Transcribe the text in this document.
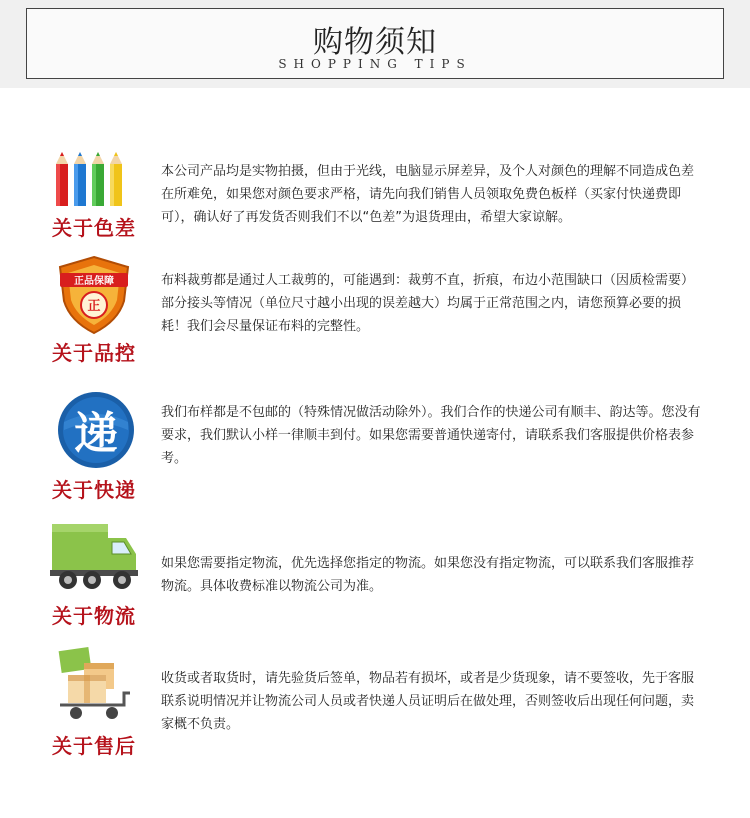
购物须知
SHOPPING TIPS
关于色差
本公司产品均是实物拍摄，但由于光线，电脑显示屏差异，及个人对颜色的理解不同造成色差在所难免，如果您对颜色要求严格，请先向我们销售人员领取免费色板样（买家付快递费即可），确认好了再发货否则我们不以“色差”为退货理由，希望大家谅解。
正品保障
正
关于品控
布料裁剪都是通过人工裁剪的，可能遇到：裁剪不直，折痕，布边小范围缺口（因质检需要）部分接头等情况（单位尺寸越小出现的误差越大）均属于正常范围之内，请您预算必要的损耗！我们会尽量保证布料的完整性。
递
关于快递
我们布样都是不包邮的（特殊情况做活动除外）。我们合作的快递公司有顺丰、韵达等。您没有要求，我们默认小样一律顺丰到付。如果您需要普通快递寄付，请联系我们客服提供价格表参考。
关于物流
如果您需要指定物流，优先选择您指定的物流。如果您没有指定物流，可以联系我们客服推荐物流。具体收费标准以物流公司为准。
关于售后
收货或者取货时，请先验货后签单，物品若有损坏，或者是少货现象，请不要签收，先于客服联系说明情况并让物流公司人员或者快递人员证明后在做处理，否则签收后出现任何问题，卖家概不负责。
